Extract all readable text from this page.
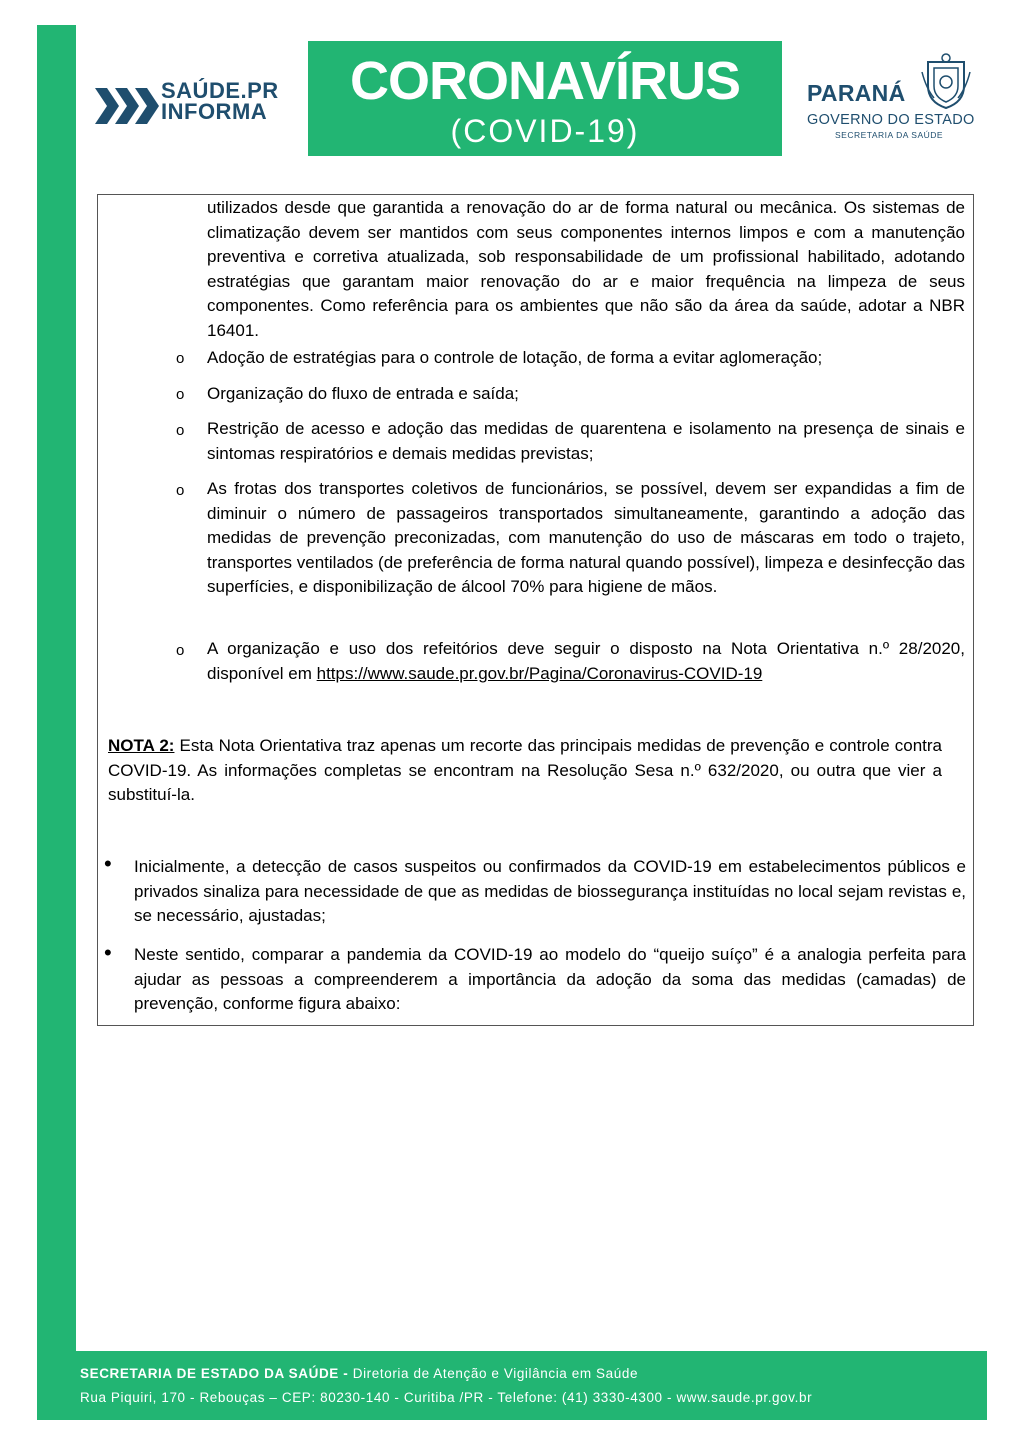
SAÚDE.PR
INFORMA
CORONAVÍRUS
(COVID-19)
PARANÁ
GOVERNO DO ESTADO
SECRETARIA DA SAÚDE
utilizados desde que garantida a renovação do ar de forma natural ou mecânica. Os sistemas de climatização devem ser mantidos com seus componentes internos limpos e com a manutenção preventiva e corretiva atualizada, sob responsabilidade de um profissional habilitado, adotando estratégias que garantam maior renovação do ar e maior frequência na limpeza de seus componentes. Como referência para os ambientes que não são da área da saúde, adotar a NBR 16401.
o Adoção de estratégias para o controle de lotação, de forma a evitar aglomeração;
o Organização do fluxo de entrada e saída;
o Restrição de acesso e adoção das medidas de quarentena e isolamento na presença de sinais e sintomas respiratórios e demais medidas previstas;
o As frotas dos transportes coletivos de funcionários, se possível, devem ser expandidas a fim de diminuir o número de passageiros transportados simultaneamente, garantindo a adoção das medidas de prevenção preconizadas, com manutenção do uso de máscaras em todo o trajeto, transportes ventilados (de preferência de forma natural quando possível), limpeza e desinfecção das superfícies, e disponibilização de álcool 70% para higiene de mãos.
o A organização e uso dos refeitórios deve seguir o disposto na Nota Orientativa n.º 28/2020, disponível em https://www.saude.pr.gov.br/Pagina/Coronavirus-COVID-19
NOTA 2: Esta Nota Orientativa traz apenas um recorte das principais medidas de prevenção e controle contra COVID-19. As informações completas se encontram na Resolução Sesa n.º 632/2020, ou outra que vier a substituí-la.
• Inicialmente, a detecção de casos suspeitos ou confirmados da COVID-19 em estabelecimentos públicos e privados sinaliza para necessidade de que as medidas de biossegurança instituídas no local sejam revistas e, se necessário, ajustadas;
• Neste sentido, comparar a pandemia da COVID-19 ao modelo do “queijo suíço” é a analogia perfeita para ajudar as pessoas a compreenderem a importância da adoção da soma das medidas (camadas) de prevenção, conforme figura abaixo:
SECRETARIA DE ESTADO DA SAÚDE - Diretoria de Atenção e Vigilância em Saúde
Rua Piquiri, 170 - Rebouças – CEP: 80230-140 - Curitiba /PR - Telefone: (41) 3330-4300 - www.saude.pr.gov.br
